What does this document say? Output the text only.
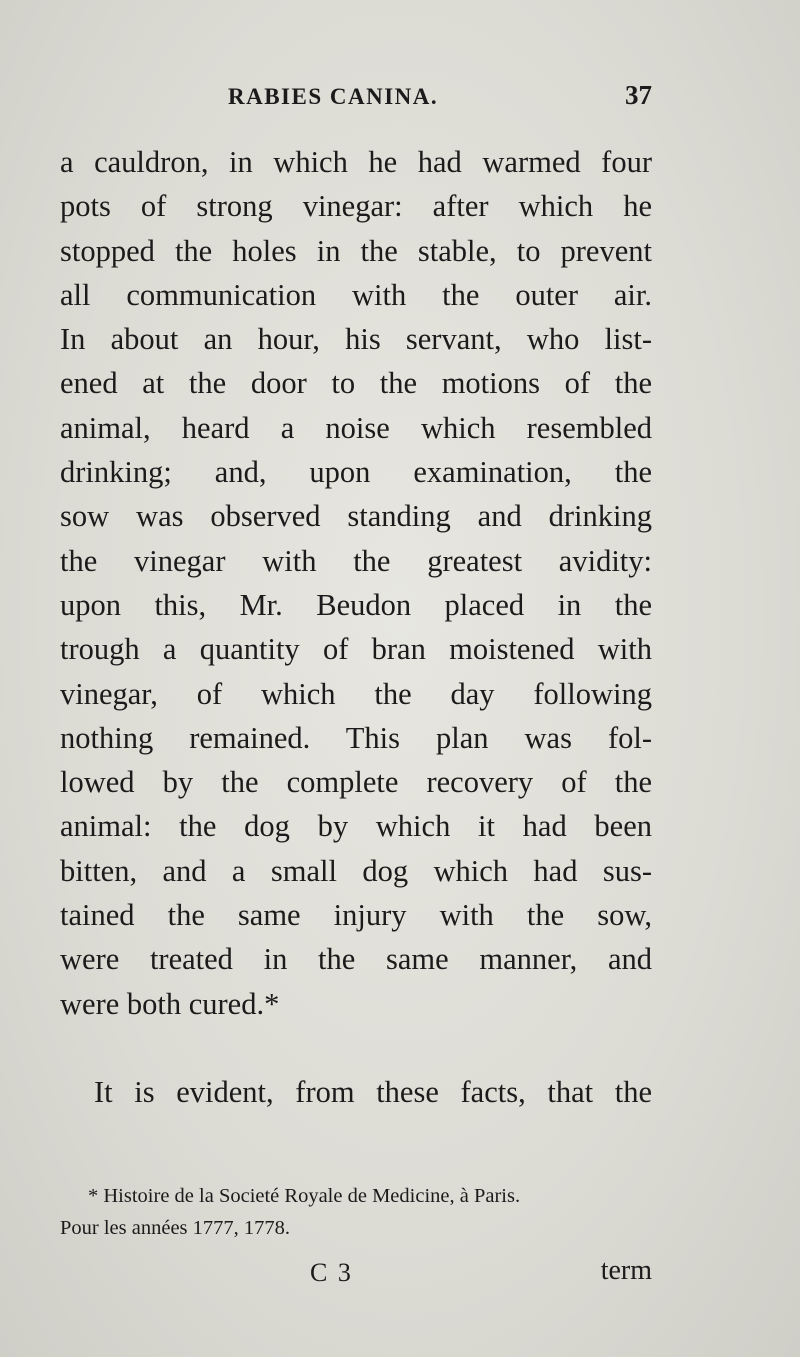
RABIES CANINA.	37
a cauldron, in which he had warmed four
pots of strong vinegar: after which he
stopped the holes in the stable, to prevent
all communication with the outer air.
In about an hour, his servant, who list-
ened at the door to the motions of the
animal, heard a noise which resembled
drinking; and, upon examination, the
sow was observed standing and drinking
the vinegar with the greatest avidity:
upon this, Mr. Beudon placed in the
trough a quantity of bran moistened with
vinegar, of which the day following
nothing remained. This plan was fol-
lowed by the complete recovery of the
animal: the dog by which it had been
bitten, and a small dog which had sus-
tained the same injury with the sow,
were treated in the same manner, and
were both cured.*
It is evident, from these facts, that the
* Histoire de la Societé Royale de Medicine, à Paris.
Pour les années 1777, 1778.
C 3	term
